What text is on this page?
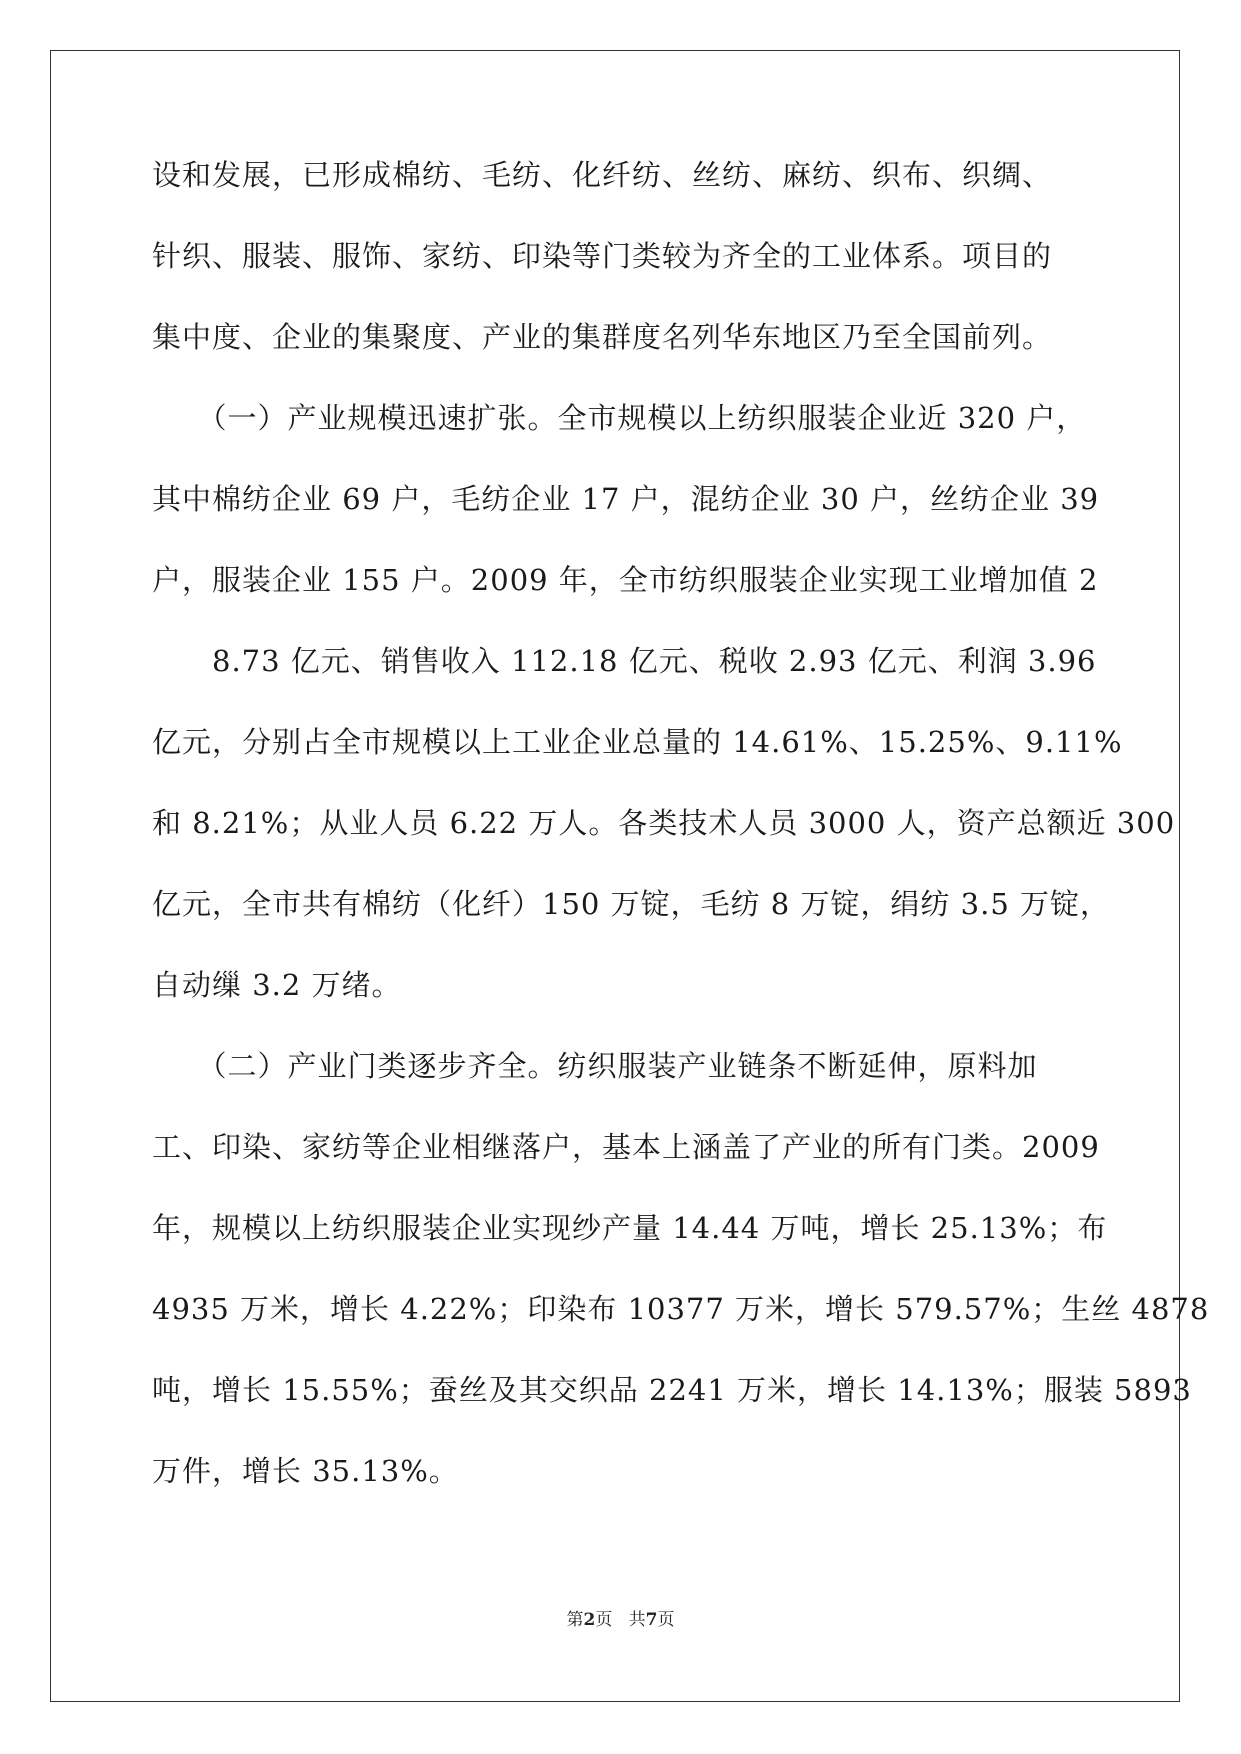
设和发展，已形成棉纺、毛纺、化纤纺、丝纺、麻纺、织布、织绸、
针织、服装、服饰、家纺、印染等门类较为齐全的工业体系。项目的
集中度、企业的集聚度、产业的集群度名列华东地区乃至全国前列。
　　（一）产业规模迅速扩张。全市规模以上纺织服装企业近 320 户，
其中棉纺企业 69 户，毛纺企业 17 户，混纺企业 30 户，丝纺企业 39
户，服装企业 155 户。2009 年，全市纺织服装企业实现工业增加值 2
　　8.73 亿元、销售收入 112.18 亿元、税收 2.93 亿元、利润 3.96
亿元，分别占全市规模以上工业企业总量的 14.61%、15.25%、9.11%
和 8.21%；从业人员 6.22 万人。各类技术人员 3000 人，资产总额近 300
亿元，全市共有棉纺（化纤）150 万锭，毛纺 8 万锭，绢纺 3.5 万锭，
自动缫 3.2 万绪。
　　（二）产业门类逐步齐全。纺织服装产业链条不断延伸，原料加
工、印染、家纺等企业相继落户，基本上涵盖了产业的所有门类。2009
年，规模以上纺织服装企业实现纱产量 14.44 万吨，增长 25.13%；布
4935 万米，增长 4.22%；印染布 10377 万米，增长 579.57%；生丝 4878
吨，增长 15.55%；蚕丝及其交织品 2241 万米，增长 14.13%；服装 5893
万件，增长 35.13%。
第2页 共7页
